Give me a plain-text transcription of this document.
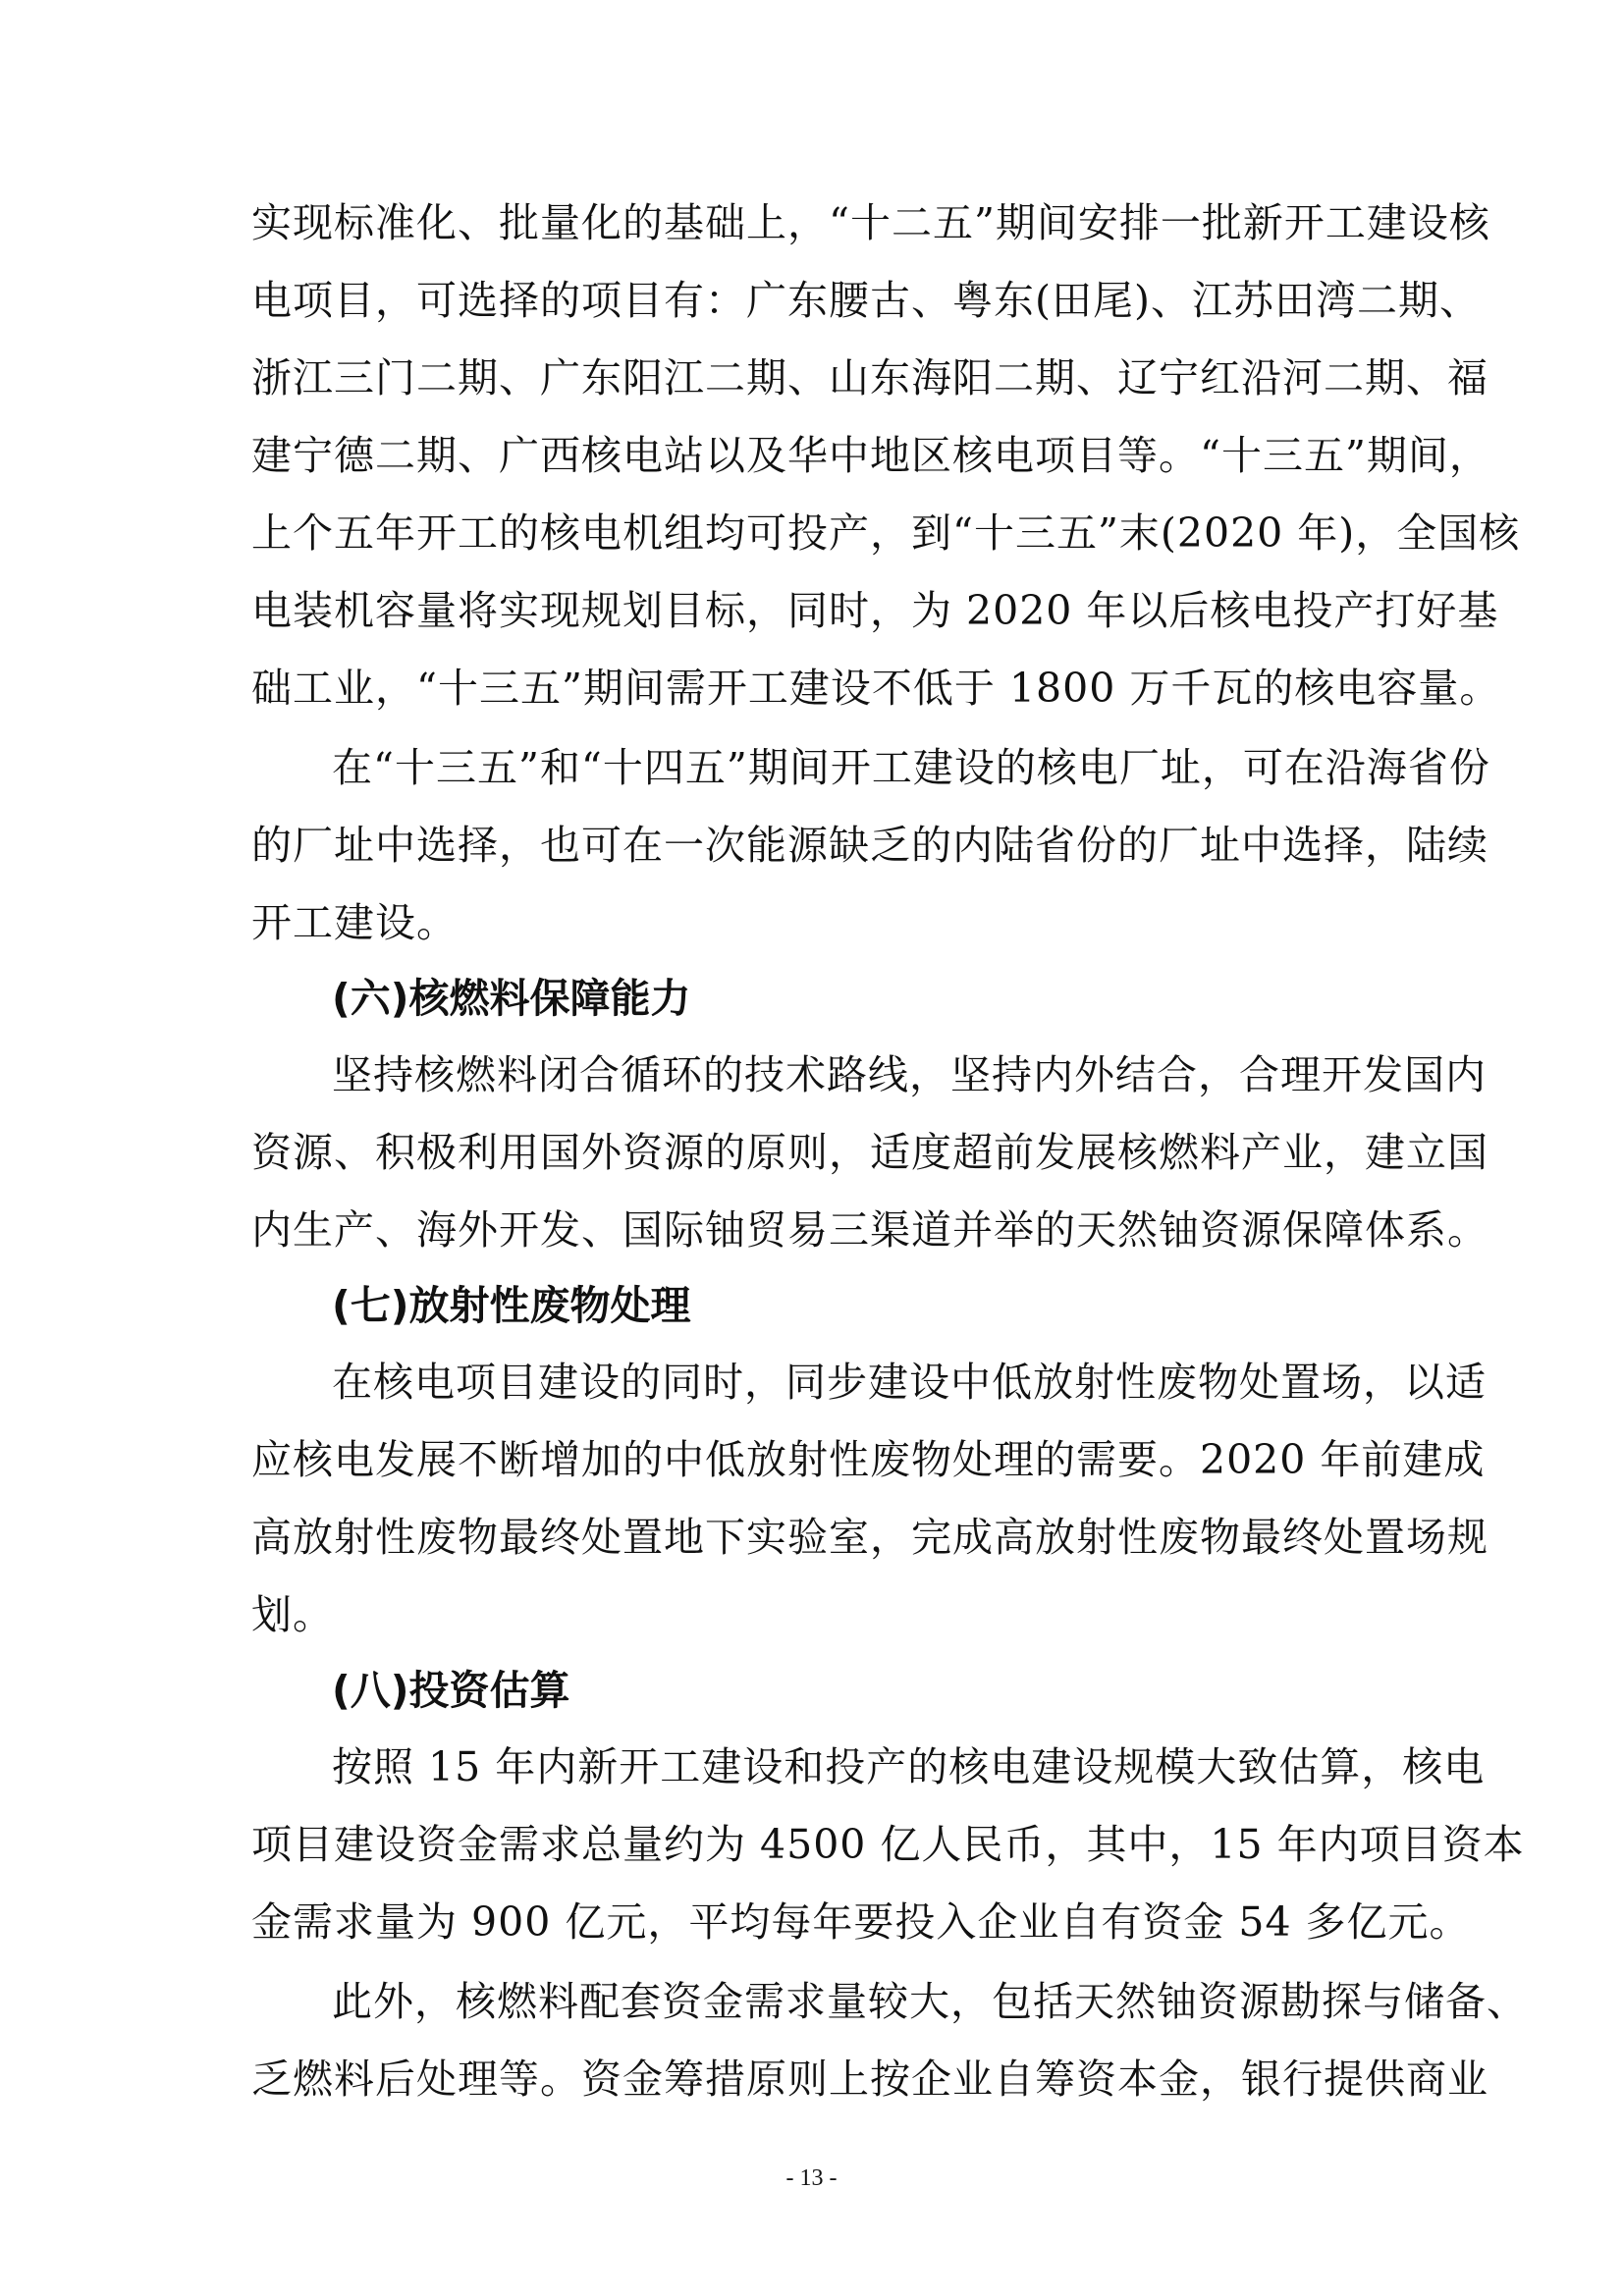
实现标准化、批量化的基础上，“十二五”期间安排一批新开工建设核
电项目，可选择的项目有：广东腰古、粤东(田尾)、江苏田湾二期、
浙江三门二期、广东阳江二期、山东海阳二期、辽宁红沿河二期、福
建宁德二期、广西核电站以及华中地区核电项目等。“十三五”期间，
上个五年开工的核电机组均可投产，到“十三五”末(2020 年)，全国核
电装机容量将实现规划目标，同时，为 2020 年以后核电投产打好基
础工业，“十三五”期间需开工建设不低于 1800 万千瓦的核电容量。
在“十三五”和“十四五”期间开工建设的核电厂址，可在沿海省份
的厂址中选择，也可在一次能源缺乏的内陆省份的厂址中选择，陆续
开工建设。
(六)核燃料保障能力
坚持核燃料闭合循环的技术路线，坚持内外结合，合理开发国内
资源、积极利用国外资源的原则，适度超前发展核燃料产业，建立国
内生产、海外开发、国际铀贸易三渠道并举的天然铀资源保障体系。
(七)放射性废物处理
在核电项目建设的同时，同步建设中低放射性废物处置场，以适
应核电发展不断增加的中低放射性废物处理的需要。2020 年前建成
高放射性废物最终处置地下实验室，完成高放射性废物最终处置场规
划。
(八)投资估算
按照 15 年内新开工建设和投产的核电建设规模大致估算，核电
项目建设资金需求总量约为 4500 亿人民币，其中，15 年内项目资本
金需求量为 900 亿元，平均每年要投入企业自有资金 54 多亿元。
此外，核燃料配套资金需求量较大，包括天然铀资源勘探与储备、
乏燃料后处理等。资金筹措原则上按企业自筹资本金，银行提供商业
- 13 -
